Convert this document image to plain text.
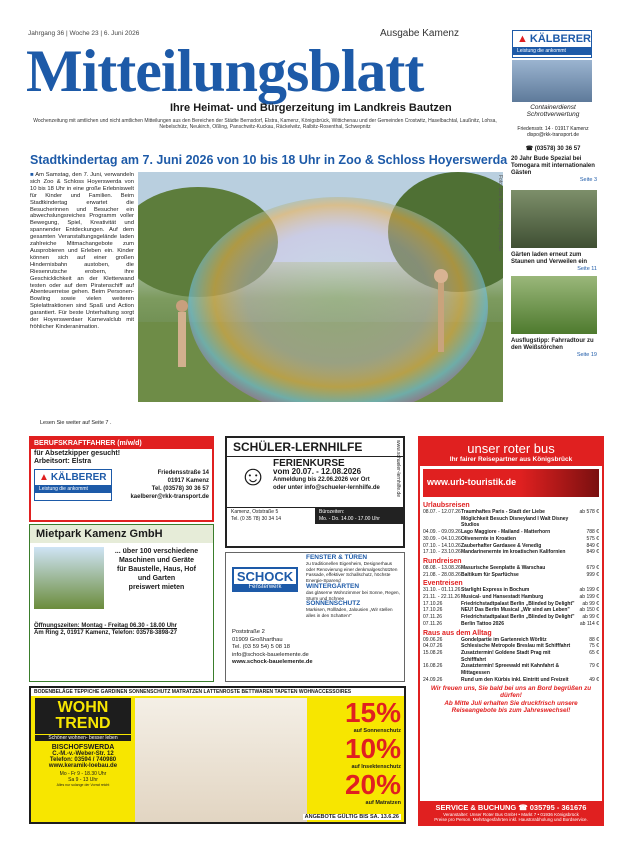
Jahrgang 36 | Woche 23 | 6. Juni 2026	Ausgabe Kamenz
Mitteilungsblatt
Ihre Heimat- und Bürgerzeitung im Landkreis Bautzen
Wochenzeitung mit amtlichen und nicht amtlichen Mitteilungen aus den Bereichen der Städte Bernsdorf, Elstra, Kamenz, Königsbrück, Wittichenau und der Gemeinden Crostwitz, Haselbachtal, Laußnitz, Lohsa, Nebelschütz, Neukirch, Oßling, Panschwitz-Kuckau, Räckelwitz, Ralbitz-Rosenthal, Schwepnitz
▲ KÄLBERER
Leistung die ankommt
Containerdienst Schrottverwertung
Friedensstr. 14 · 01917 Kamenz dispo@rkk-transport.de
☎ (03578) 30 36 57
Stadtkindertag am 7. Juni 2026 von 10 bis 18 Uhr in Zoo & Schloss Hoyerswerda
■ Am Samstag, den 7. Juni, verwandeln sich Zoo & Schloss Hoyerswerda von 10 bis 18 Uhr in eine große Erlebniswelt für Kinder und Familien. Beim Stadtkindertag erwartet die Besucherinnen und Besucher ein abwechslungsreiches Programm voller Bewegung, Spiel, Kreativität und spannender Entdeckungen. Auf dem gesamten Veranstaltungsgelände laden zahlreiche Mitmachangebote zum Ausprobieren und Erleben ein. Kinder können sich auf einer großen Hindernisbahn austoben, die Riesenrutsche erobern, ihre Geschicklichkeit an der Kletterwand testen oder auf dem Piratenschiff auf Abenteuerreise gehen. Beim Personen-Bowling sowie vielen weiteren Spielattraktionen sind Spaß und Action garantiert. Für beste Unterhaltung sorgt der Hoyerswerdaer Karnevalclub mit fröhlicher Kinderanimation.
Foto: Zoo & Schloss Hoyerswerda
Lesen Sie weiter auf Seite 7 .
20 Jahr Bude Spezial bei Tomogara mit internationalen Gästen
Seite 3
Gärten laden erneut zum Staunen und Verweilen ein
Seite 11
Ausflugstipp: Fahrradtour zu den Weißstörchen
Seite 19
BERUFSKRAFTFAHRER (m/w/d)
für Absetzkipper gesucht!
Arbeitsort: Elstra
▲ KÄLBERER
Leistung die ankommt
Friedensstraße 14
01917 Kamenz
Tel. (03578) 30 36 57
kaelberer@rkk-transport.de
Mietpark Kamenz GmbH
... über 100 verschiedene
Maschinen und Geräte
für Baustelle, Haus, Hof
und Garten
preiswert mieten
Öffnungszeiten: Montag - Freitag 06.30 - 18.00 Uhr
Am Ring 2, 01917 Kamenz, Telefon: 03578-3898-27
SCHÜLER-LERNHILFE	www.schueler-lernhilfe.de
☺ FERIENKURSE
vom 20.07. - 12.08.2026
Anmeldung bis 22.06.2026 vor Ort
oder unter info@schueler-lernhilfe.de
Kamenz, Oststraße 5
Tel. (0 35 78) 30 34 14
Bürozeiten:
Mo. - Do. 14.00 - 17.00 Uhr
SCHOCK
Fensterwerk
FENSTER & TÜREN
zu traditionellen Eigenheim, Designerhaus oder Renovierung einer denkmalgeschützten Fassade, effektiver Schallschutz, höchste Energie-Sparend
WINTERGÄRTEN
das gläserne Wohnzimmer bei Sonne, Regen, Sturm und Schnee
SONNENSCHUTZ
Markisen, Rollläden, Jalousien „Wir stellen alles in den Schatten!"
Poststraße 2
01909 Großharthau
Tel. (03 59 54) 5 08 18
info@schock-bauelemente.de
www.schock-bauelemente.de
unser roter bus
Ihr fairer Reisepartner aus Königsbrück
www.urb-touristik.de
Urlaubsreisen
08.07. - 12.07.26 Traumhaftes Paris - Stadt der Liebe	ab 578 €
Möglichkeit Besuch Disneyland I Walt Disney Studios
04.09. - 09.09.26 Lago Maggiore - Mailand - Matterhorn	788 €
30.09. - 04.10.26 Olivenernte in Kroatien	575 €
07.10. - 14.10.26 Zauberhafter Gardasee & Venedig	849 €
17.10. - 23.10.26 Mandarinenernte im kroatischen Kalifornien	849 €
Rundreisen
08.08. - 13.08.26 Masurische Seenplatte & Warschau	679 €
21.08. - 28.08.26 Baltikum für Sparfüchse	999 €
Eventreisen
31.10. - 01.11.26 Starlight Express in Bochum	ab 199 €
21.11. - 22.11.26 Musical- und Hansestadt Hamburg	ab 199 €
17.10.26	Friedrichstadtpalast Berlin „Blinded by Delight"	ab 99 €
17.10.26	NEU! Das Berlin Musical „Wir sind am Leben"	ab 150 €
07.11.26	Friedrichstadtpalast Berlin „Blinded by Delight"	ab 99 €
07.11.26	Berlin Tattoo 2026	ab 114 €
Raus aus dem Alltag
09.06.26	Gondelpartie im Gartenreich Wörlitz	88 €
04.07.26	Schlesische Metropole Breslau mit Schifffahrt	75 €
15.08.26	Zusatztermin! Goldene Stadt Prag mit Schifffahrt
65 €
16.08.26	Zusatztermin! Spreewald mit Kahnfahrt & Mittagessen
79 €
24.09.26	Rund um den Kürbis inkl. Eintritt und Freizeit	49 €
Wir freuen uns, Sie bald bei uns an Bord begrüßen zu dürfen!
Ab Mitte Juli erhalten Sie druckfrisch unsere Reiseangebote bis zum Jahreswechsel!
SERVICE & BUCHUNG ☎ 035795 - 361676
Veranstalter: Unser Roter Bus GmbH • Markt 7 • 01936 Königsbrück
Preise pro Person. Mehrtagesfahrten inkl. Haustürabholung und Bordservice.
BODENBELÄGE TEPPICHE GARDINEN SONNENSCHUTZ MATRATZEN LATTENROSTE BETTWAREN TAPETEN WOHNACCESSOIRES
WOHN
TREND
Schöner wohnen- besser leben
BISCHOFSWERDA
C.-M.-v.-Weber-Str. 12
Telefon: 03594 / 740980
www.keramik-loebau.de
Mo - Fr 9 - 18.30 Uhr
Sa 9 - 13 Uhr
Alles nur solange der Vorrat reicht
15%
auf Sonnenschutz
10%
auf Insektenschutz
20%
auf Matratzen
ANGEBOTE GÜLTIG BIS SA. 13.6.26
